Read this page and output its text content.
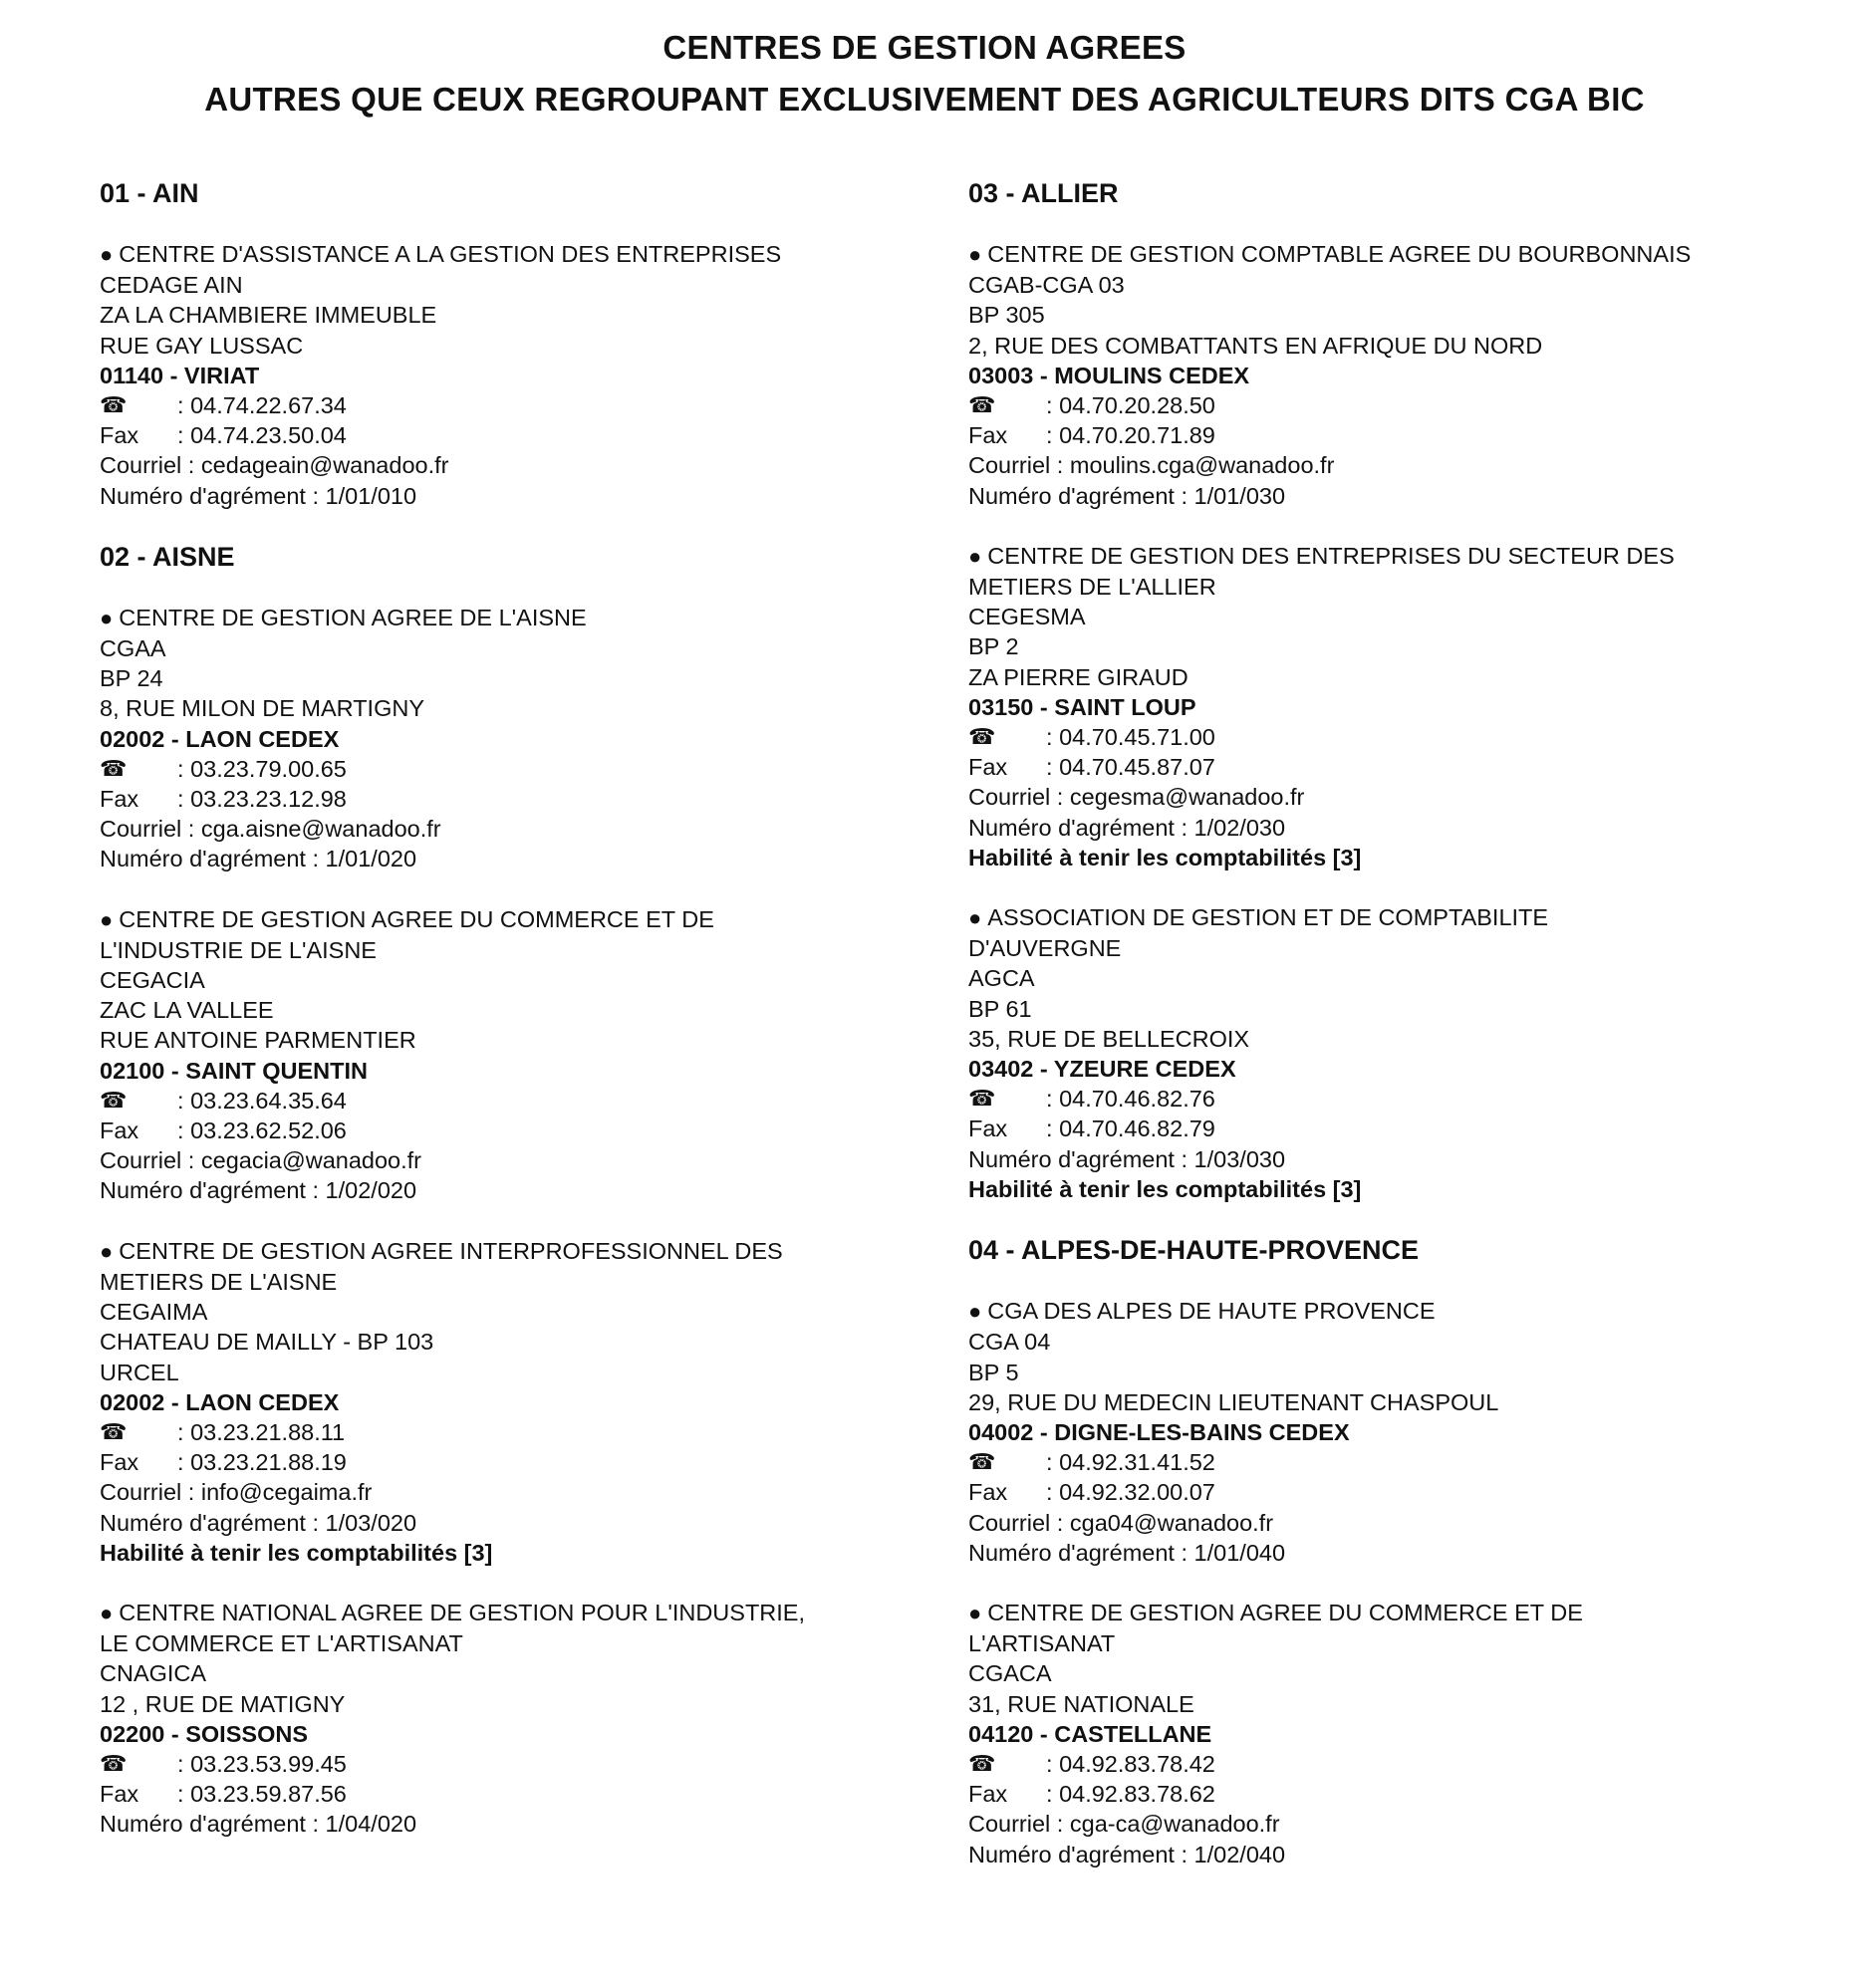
CENTRES DE GESTION AGREES
AUTRES QUE CEUX REGROUPANT EXCLUSIVEMENT DES AGRICULTEURS DITS CGA BIC
01 - AIN
● CENTRE D'ASSISTANCE A LA GESTION DES ENTREPRISES
CEDAGE AIN
ZA LA CHAMBIERE IMMEUBLE
RUE GAY LUSSAC
01140 - VIRIAT
☎	: 04.74.22.67.34
Fax	: 04.74.23.50.04
Courriel : cedageain@wanadoo.fr
Numéro d'agrément : 1/01/010
02 - AISNE
● CENTRE DE GESTION AGREE DE L'AISNE
CGAA
BP 24
8, RUE MILON DE MARTIGNY
02002 - LAON CEDEX
☎	: 03.23.79.00.65
Fax	: 03.23.23.12.98
Courriel : cga.aisne@wanadoo.fr
Numéro d'agrément : 1/01/020
● CENTRE DE GESTION AGREE DU COMMERCE ET DE
L'INDUSTRIE DE L'AISNE
CEGACIA
ZAC LA VALLEE
RUE ANTOINE PARMENTIER
02100 - SAINT QUENTIN
☎	: 03.23.64.35.64
Fax	: 03.23.62.52.06
Courriel : cegacia@wanadoo.fr
Numéro d'agrément : 1/02/020
● CENTRE DE GESTION AGREE INTERPROFESSIONNEL DES
METIERS DE L'AISNE
CEGAIMA
CHATEAU DE MAILLY - BP 103
URCEL
02002 - LAON CEDEX
☎	: 03.23.21.88.11
Fax	: 03.23.21.88.19
Courriel : info@cegaima.fr
Numéro d'agrément : 1/03/020
Habilité à tenir les comptabilités [3]
● CENTRE NATIONAL AGREE DE GESTION POUR L'INDUSTRIE,
LE COMMERCE ET L'ARTISANAT
CNAGICA
12 , RUE DE MATIGNY
02200 - SOISSONS
☎	: 03.23.53.99.45
Fax	: 03.23.59.87.56
Numéro d'agrément : 1/04/020
03 - ALLIER
● CENTRE DE GESTION COMPTABLE AGREE DU BOURBONNAIS
CGAB-CGA 03
BP 305
2, RUE DES COMBATTANTS EN AFRIQUE DU NORD
03003 - MOULINS CEDEX
☎	: 04.70.20.28.50
Fax	: 04.70.20.71.89
Courriel : moulins.cga@wanadoo.fr
Numéro d'agrément : 1/01/030
● CENTRE DE GESTION DES ENTREPRISES DU SECTEUR DES
METIERS DE L'ALLIER
CEGESMA
BP 2
ZA PIERRE GIRAUD
03150 - SAINT LOUP
☎	: 04.70.45.71.00
Fax	: 04.70.45.87.07
Courriel : cegesma@wanadoo.fr
Numéro d'agrément : 1/02/030
Habilité à tenir les comptabilités [3]
● ASSOCIATION DE GESTION ET DE COMPTABILITE
D'AUVERGNE
AGCA
BP 61
35, RUE DE BELLECROIX
03402 - YZEURE CEDEX
☎	: 04.70.46.82.76
Fax	: 04.70.46.82.79
Numéro d'agrément : 1/03/030
Habilité à tenir les comptabilités [3]
04 - ALPES-DE-HAUTE-PROVENCE
● CGA DES ALPES DE HAUTE PROVENCE
CGA 04
BP 5
29, RUE DU MEDECIN LIEUTENANT CHASPOUL
04002 - DIGNE-LES-BAINS CEDEX
☎	: 04.92.31.41.52
Fax	: 04.92.32.00.07
Courriel : cga04@wanadoo.fr
Numéro d'agrément : 1/01/040
● CENTRE DE GESTION AGREE DU COMMERCE ET DE
L'ARTISANAT
CGACA
31, RUE NATIONALE
04120 - CASTELLANE
☎	: 04.92.83.78.42
Fax	: 04.92.83.78.62
Courriel : cga-ca@wanadoo.fr
Numéro d'agrément : 1/02/040
